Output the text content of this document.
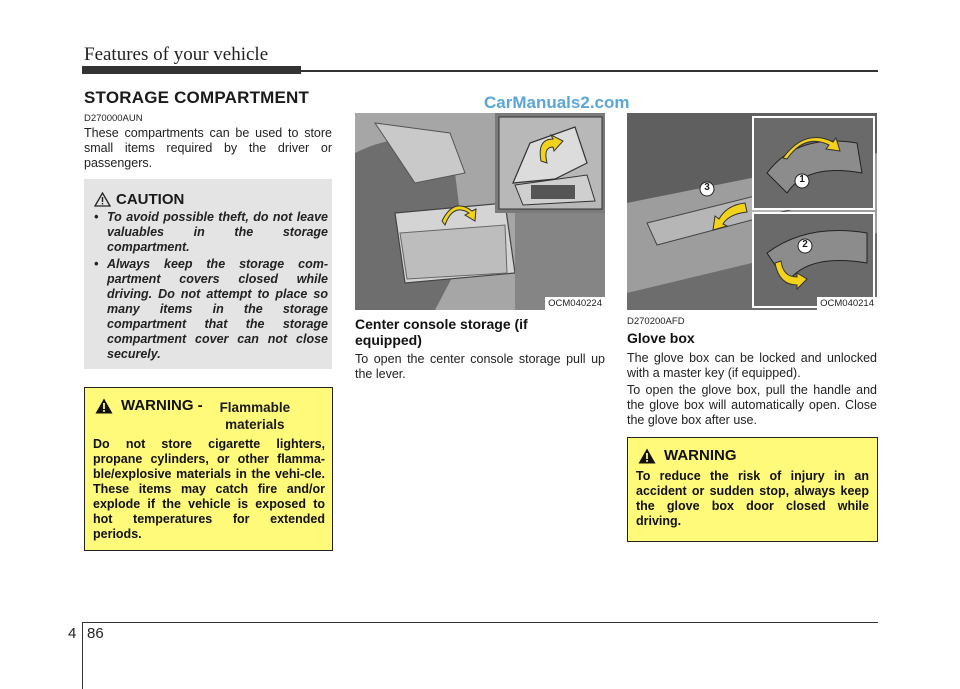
Features of your vehicle
STORAGE COMPARTMENT	CarManuals2.com
D270000AUN
These compartments can be used to store small items required by the driver or passengers.
CAUTION
• To avoid possible theft, do not leave valuables in the storage compartment.
• Always keep the storage com-partment covers closed while driving. Do not attempt to place so many items in the storage compartment that the storage compartment cover can not close securely.
WARNING - Flammable materials
Do not store cigarette lighters, propane cylinders, or other flamma-ble/explosive materials in the vehi-cle. These items may catch fire and/or explode if the vehicle is exposed to hot temperatures for extended periods.
OCM040224
Center console storage (if equipped)
To open the center console storage pull up the lever.
1
2
3
OCM040214
D270200AFD
Glove box
The glove box can be locked and unlocked with a master key (if equipped).
To open the glove box, pull the handle and the glove box will automatically open. Close the glove box after use.
WARNING
To reduce the risk of injury in an accident or sudden stop, always keep the glove box door closed while driving.
4 86
